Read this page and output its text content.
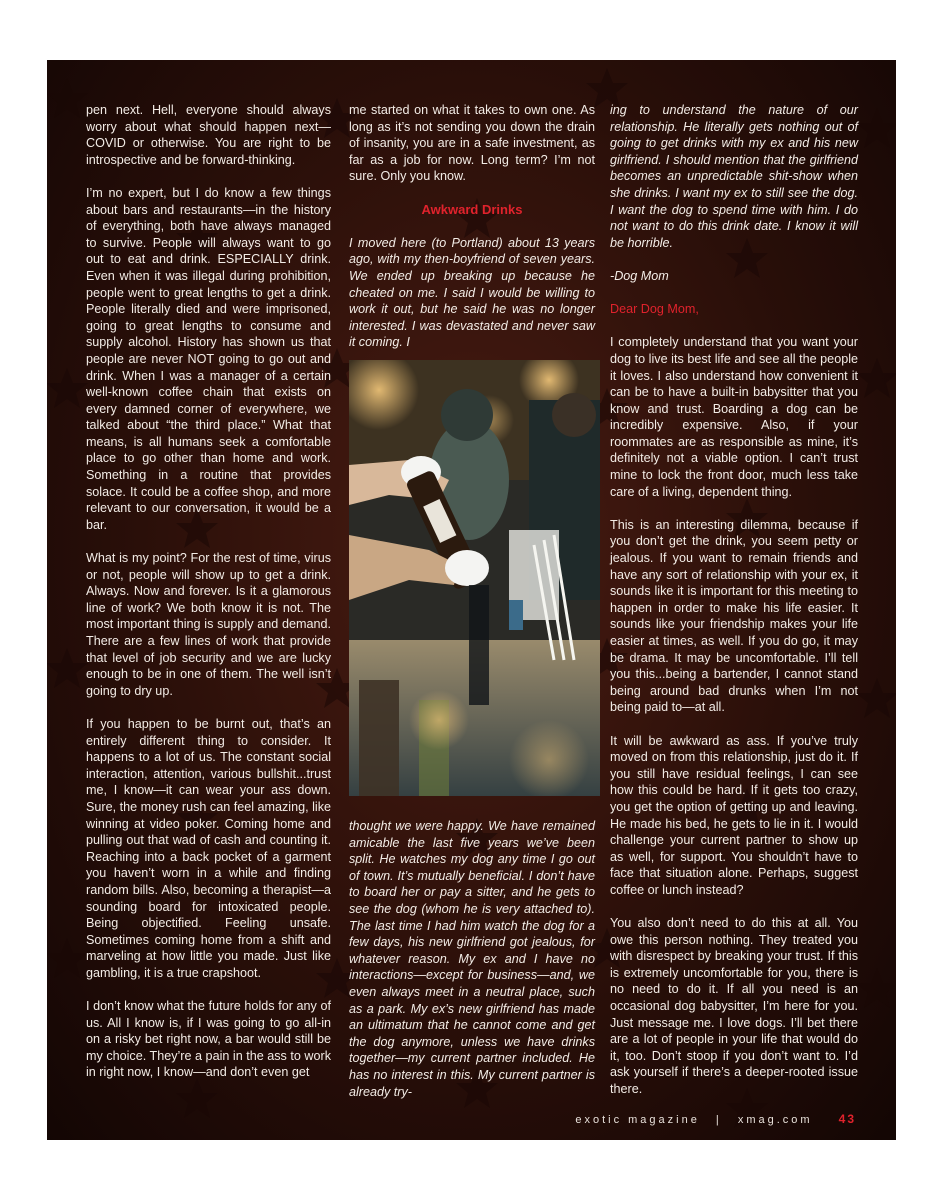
pen next. Hell, everyone should always worry about what should happen next—COVID or otherwise. You are right to be introspective and be forward-thinking.

I’m no expert, but I do know a few things about bars and restaurants—in the history of everything, both have always managed to survive. People will always want to go out to eat and drink. ESPECIALLY drink. Even when it was illegal during prohibition, people went to great lengths to get a drink. People literally died and were imprisoned, going to great lengths to consume and supply alcohol. History has shown us that people are never NOT going to go out and drink. When I was a manager of a certain well-known coffee chain that exists on every damned corner of everywhere, we talked about “the third place.” What that means, is all humans seek a comfortable place to go other than home and work. Something in a routine that provides solace. It could be a coffee shop, and more relevant to our conversation, it would be a bar.

What is my point? For the rest of time, virus or not, people will show up to get a drink. Always. Now and forever. Is it a glamorous line of work? We both know it is not. The most important thing is supply and demand. There are a few lines of work that provide that level of job security and we are lucky enough to be in one of them. The well isn’t going to dry up.

If you happen to be burnt out, that’s an entirely different thing to consider. It happens to a lot of us. The constant social interaction, attention, various bullshit...trust me, I know—it can wear your ass down. Sure, the money rush can feel amazing, like winning at video poker. Coming home and pulling out that wad of cash and counting it. Reaching into a back pocket of a garment you haven’t worn in a while and finding random bills. Also, becoming a therapist—a sounding board for intoxicated people. Being objectified. Feeling unsafe. Sometimes coming home from a shift and marveling at how little you made. Just like gambling, it is a true crapshoot.

I don’t know what the future holds for any of us. All I know is, if I was going to go all-in on a risky bet right now, a bar would still be my choice. They’re a pain in the ass to work in right now, I know—and don’t even get

me started on what it takes to own one. As long as it’s not sending you down the drain of insanity, you are in a safe investment, as far as a job for now. Long term? I’m not sure. Only you know.

Awkward Drinks

I moved here (to Portland) about 13 years ago, with my then-boyfriend of seven years. We ended up breaking up because he cheated on me. I said I would be willing to work it out, but he said he was no longer interested. I was devastated and never saw it coming. I

thought we were happy. We have remained amicable the last five years we’ve been split. He watches my dog any time I go out of town. It’s mutually beneficial. I don’t have to board her or pay a sitter, and he gets to see the dog (whom he is very attached to). The last time I had him watch the dog for a few days, his new girlfriend got jealous, for whatever reason. My ex and I have no interactions—except for business—and, we even always meet in a neutral place, such as a park. My ex’s new girlfriend has made an ultimatum that he cannot come and get the dog anymore, unless we have drinks together—my current partner included. He has no interest in this. My current partner is already try-

ing to understand the nature of our relationship. He literally gets nothing out of going to get drinks with my ex and his new girlfriend. I should mention that the girlfriend becomes an unpredictable shit-show when she drinks. I want my ex to still see the dog. I want the dog to spend time with him. I do not want to do this drink date. I know it will be horrible.

-Dog Mom

Dear Dog Mom,

I completely understand that you want your dog to live its best life and see all the people it loves. I also understand how convenient it can be to have a built-in babysitter that you know and trust. Boarding a dog can be incredibly expensive. Also, if your roommates are as responsible as mine, it’s definitely not a viable option. I can’t trust mine to lock the front door, much less take care of a living, dependent thing.

This is an interesting dilemma, because if you don’t get the drink, you seem petty or jealous. If you want to remain friends and have any sort of relationship with your ex, it sounds like it is important for this meeting to happen in order to make his life easier. It sounds like your friendship makes your life easier at times, as well. If you do go, it may be drama. It may be uncomfortable. I’ll tell you this...being a bartender, I cannot stand being around bad drunks when I’m not being paid to—at all.

It will be awkward as ass. If you’ve truly moved on from this relationship, just do it. If you still have residual feelings, I can see how this could be hard. If it gets too crazy, you get the option of getting up and leaving. He made his bed, he gets to lie in it. I would challenge your current partner to show up as well, for support. You shouldn’t have to face that situation alone. Perhaps, suggest coffee or lunch instead?

You also don’t need to do this at all. You owe this person nothing. They treated you with disrespect by breaking your trust. If this is extremely uncomfortable for you, there is no need to do it. If all you need is an occasional dog babysitter, I’m here for you. Just message me. I love dogs. I’ll bet there are a lot of people in your life that would do it, too. Don’t stoop if you don’t want to. I’d ask yourself if there’s a deeper-rooted issue there.

exotic magazine | xmag.com 43
